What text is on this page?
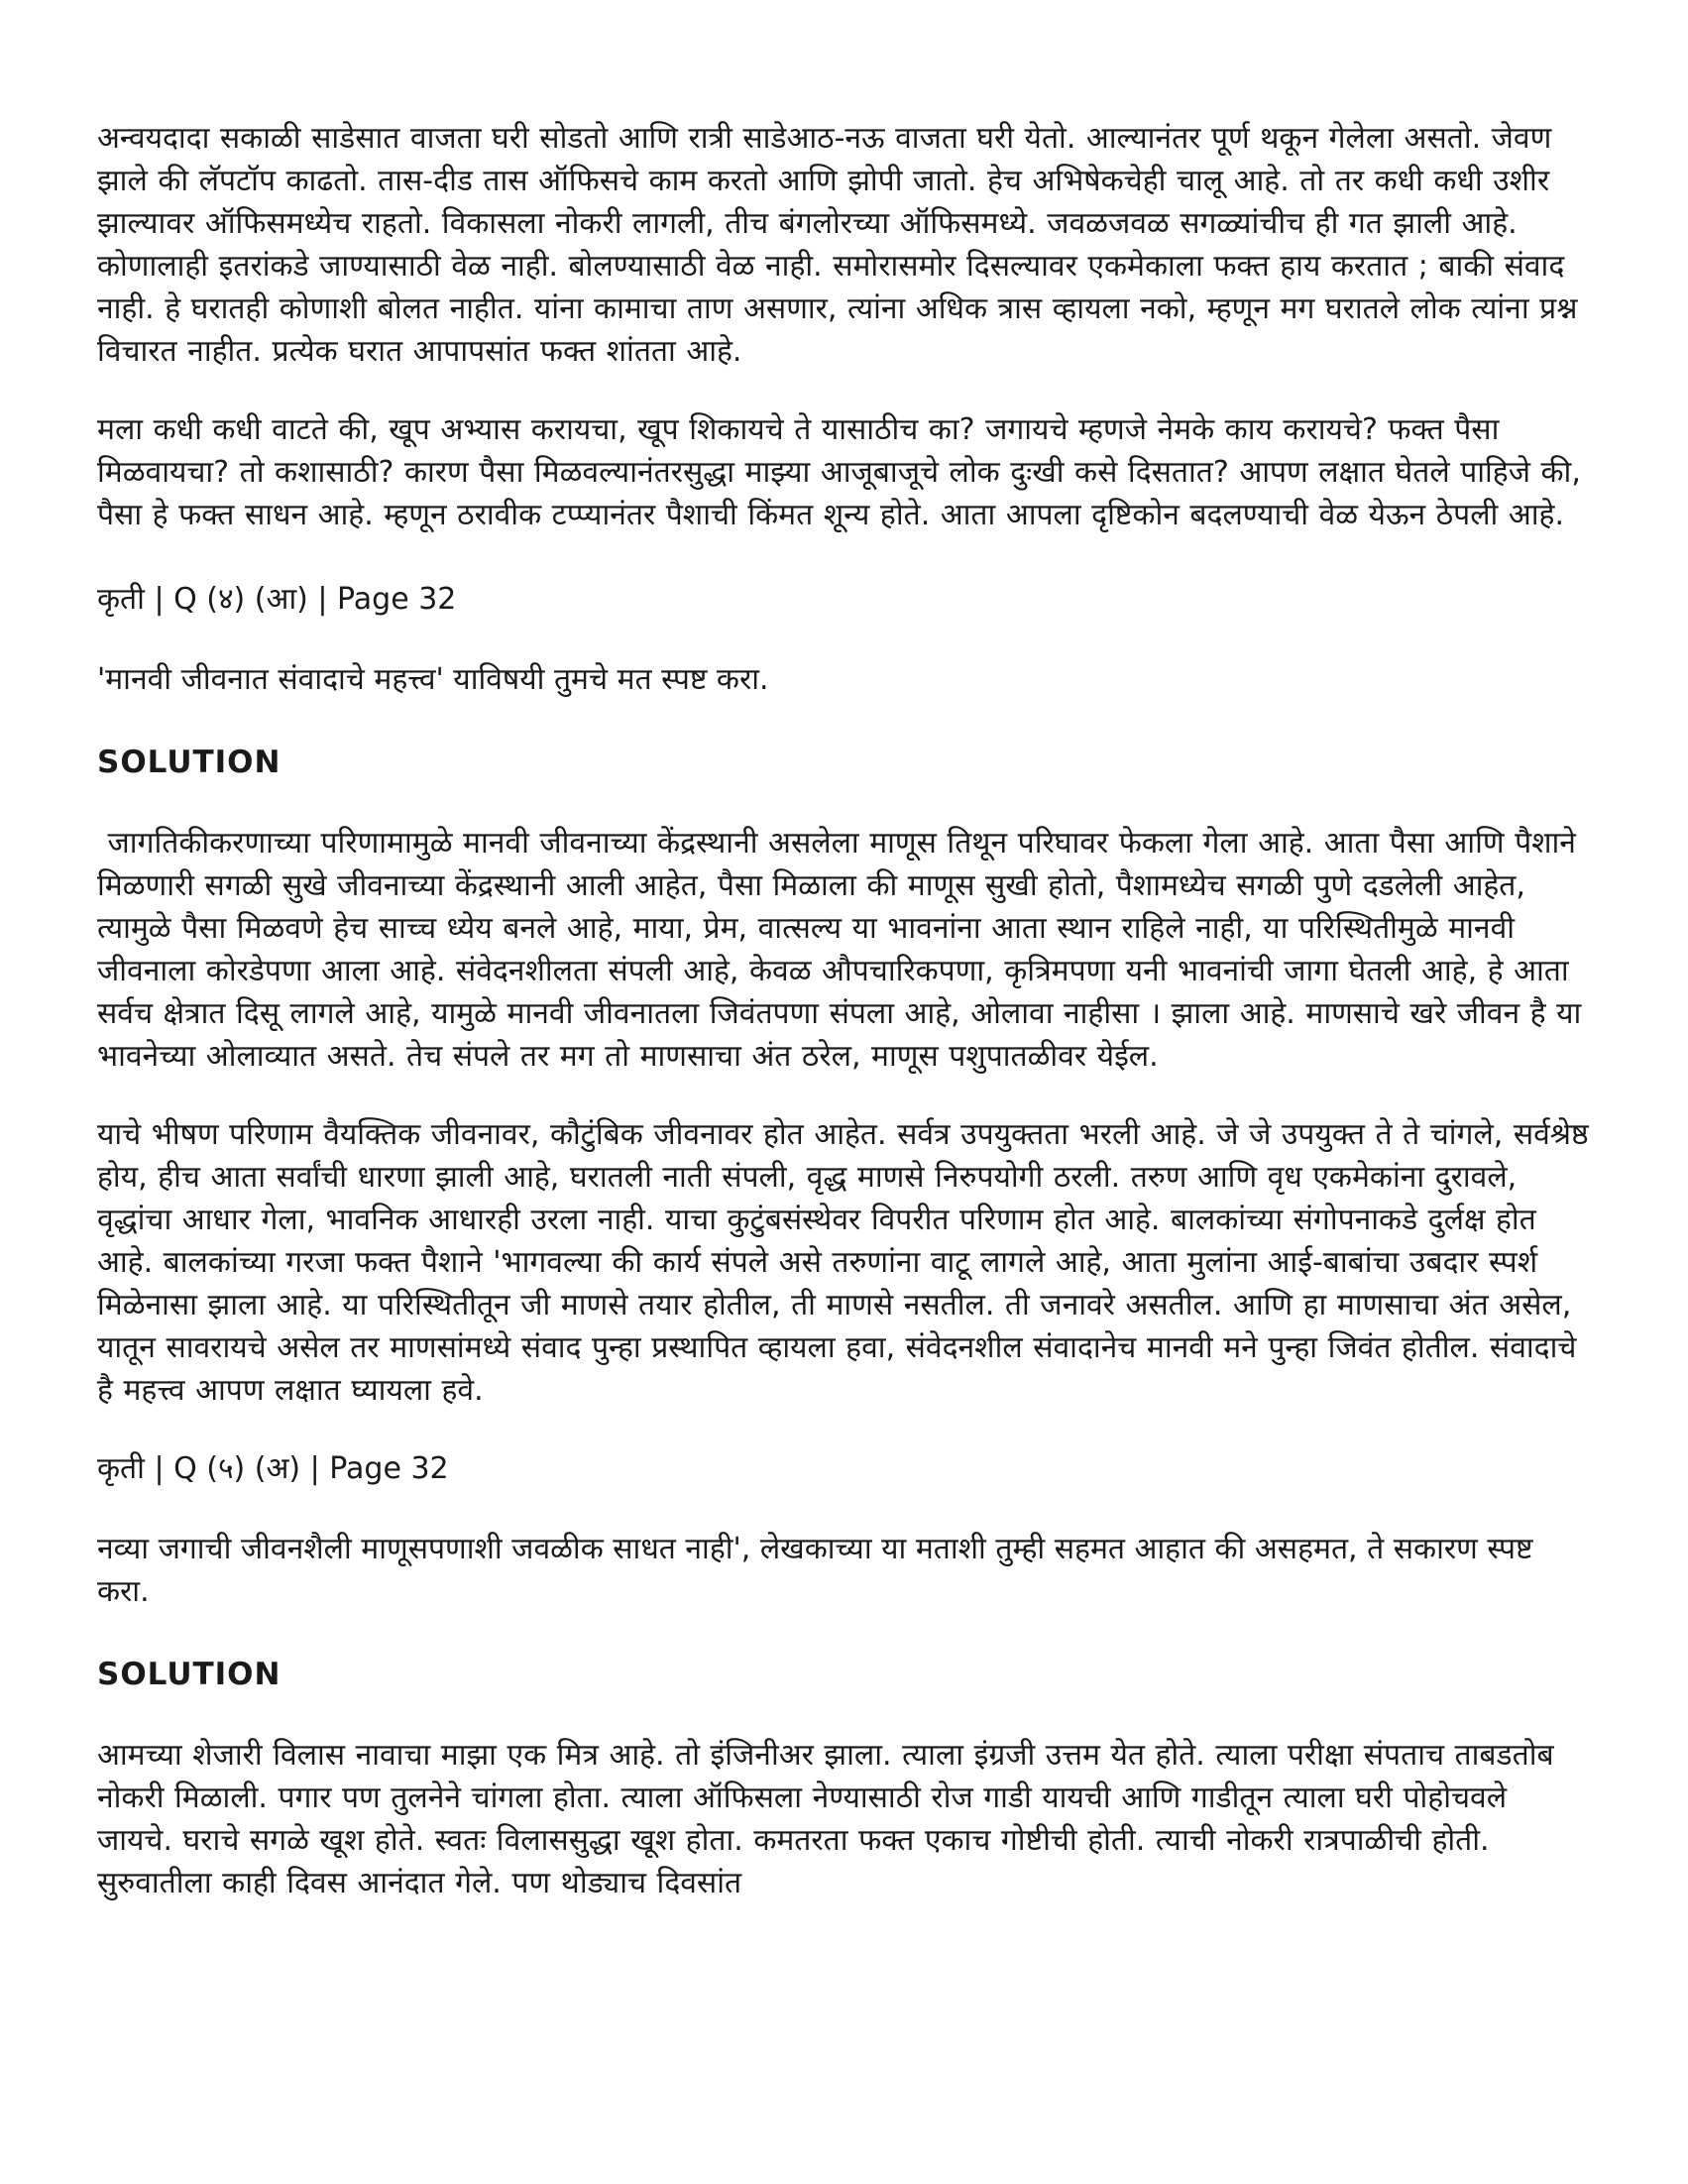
अन्वयदादा सकाळी साडेसात वाजता घरी सोडतो आणि रात्री साडेआठ-नऊ वाजता घरी येतो. आल्यानंतर पूर्ण थकून गेलेला असतो. जेवण झाले की लॅपटॉप काढतो. तास-दीड तास ऑफिसचे काम करतो आणि झोपी जातो. हेच अभिषेकचेही चालू आहे. तो तर कधी कधी उशीर झाल्यावर ऑफिसमध्येच राहतो. विकासला नोकरी लागली, तीच बंगलोरच्या ऑफिसमध्ये. जवळजवळ सगळ्यांचीच ही गत झाली आहे. कोणालाही इतरांकडे जाण्यासाठी वेळ नाही. बोलण्यासाठी वेळ नाही. समोरासमोर दिसल्यावर एकमेकाला फक्त हाय करतात ; बाकी संवाद नाही. हे घरातही कोणाशी बोलत नाहीत. यांना कामाचा ताण असणार, त्यांना अधिक त्रास व्हायला नको, म्हणून मग घरातले लोक त्यांना प्रश्न विचारत नाहीत. प्रत्येक घरात आपापसांत फक्त शांतता आहे.

मला कधी कधी वाटते की, खूप अभ्यास करायचा, खूप शिकायचे ते यासाठीच का? जगायचे म्हणजे नेमके काय करायचे? फक्त पैसा मिळवायचा? तो कशासाठी? कारण पैसा मिळवल्यानंतरसुद्धा माझ्या आजूबाजूचे लोक दुःखी कसे दिसतात? आपण लक्षात घेतले पाहिजे की, पैसा हे फक्त साधन आहे. म्हणून ठरावीक टप्प्यानंतर पैशाची किंमत शून्य होते. आता आपला दृष्टिकोन बदलण्याची वेळ येऊन ठेपली आहे.

कृती | Q (४) (आ) | Page 32

'मानवी जीवनात संवादाचे महत्त्व' याविषयी तुमचे मत स्पष्ट करा.

SOLUTION

जागतिकीकरणाच्या परिणामामुळे मानवी जीवनाच्या केंद्रस्थानी असलेला माणूस तिथून परिघावर फेकला गेला आहे. आता पैसा आणि पैशाने मिळणारी सगळी सुखे जीवनाच्या केंद्रस्थानी आली आहेत, पैसा मिळाला की माणूस सुखी होतो, पैशामध्येच सगळी पुणे दडलेली आहेत, त्यामुळे पैसा मिळवणे हेच साच्च ध्येय बनले आहे, माया, प्रेम, वात्सल्य या भावनांना आता स्थान राहिले नाही, या परिस्थितीमुळे मानवी जीवनाला कोरडेपणा आला आहे. संवेदनशीलता संपली आहे, केवळ औपचारिकपणा, कृत्रिमपणा यनी भावनांची जागा घेतली आहे, हे आता सर्वच क्षेत्रात दिसू लागले आहे, यामुळे मानवी जीवनातला जिवंतपणा संपला आहे, ओलावा नाहीसा । झाला आहे. माणसाचे खरे जीवन है या भावनेच्या ओलाव्यात असते. तेच संपले तर मग तो माणसाचा अंत ठरेल, माणूस पशुपातळीवर येईल.

याचे भीषण परिणाम वैयक्तिक जीवनावर, कौटुंबिक जीवनावर होत आहेत. सर्वत्र उपयुक्तता भरली आहे. जे जे उपयुक्त ते ते चांगले, सर्वश्रेष्ठ होय, हीच आता सर्वांची धारणा झाली आहे, घरातली नाती संपली, वृद्ध माणसे निरुपयोगी ठरली. तरुण आणि वृध एकमेकांना दुरावले, वृद्धांचा आधार गेला, भावनिक आधारही उरला नाही. याचा कुटुंबसंस्थेवर विपरीत परिणाम होत आहे. बालकांच्या संगोपनाकडे दुर्लक्ष होत आहे. बालकांच्या गरजा फक्त पैशाने 'भागवल्या की कार्य संपले असे तरुणांना वाटू लागले आहे, आता मुलांना आई-बाबांचा उबदार स्पर्श मिळेनासा झाला आहे. या परिस्थितीतून जी माणसे तयार होतील, ती माणसे नसतील. ती जनावरे असतील. आणि हा माणसाचा अंत असेल, यातून सावरायचे असेल तर माणसांमध्ये संवाद पुन्हा प्रस्थापित व्हायला हवा, संवेदनशील संवादानेच मानवी मने पुन्हा जिवंत होतील. संवादाचे है महत्त्व आपण लक्षात घ्यायला हवे.

कृती | Q (५) (अ) | Page 32

नव्या जगाची जीवनशैली माणूसपणाशी जवळीक साधत नाही', लेखकाच्या या मताशी तुम्ही सहमत आहात की असहमत, ते सकारण स्पष्ट करा.

SOLUTION

आमच्या शेजारी विलास नावाचा माझा एक मित्र आहे. तो इंजिनीअर झाला. त्याला इंग्रजी उत्तम येत होते. त्याला परीक्षा संपताच ताबडतोब नोकरी मिळाली. पगार पण तुलनेने चांगला होता. त्याला ऑफिसला नेण्यासाठी रोज गाडी यायची आणि गाडीतून त्याला घरी पोहोचवले जायचे. घराचे सगळे खूश होते. स्वतः विलाससुद्धा खूश होता. कमतरता फक्त एकाच गोष्टीची होती. त्याची नोकरी रात्रपाळीची होती. सुरुवातीला काही दिवस आनंदात गेले. पण थोड्याच दिवसांत
